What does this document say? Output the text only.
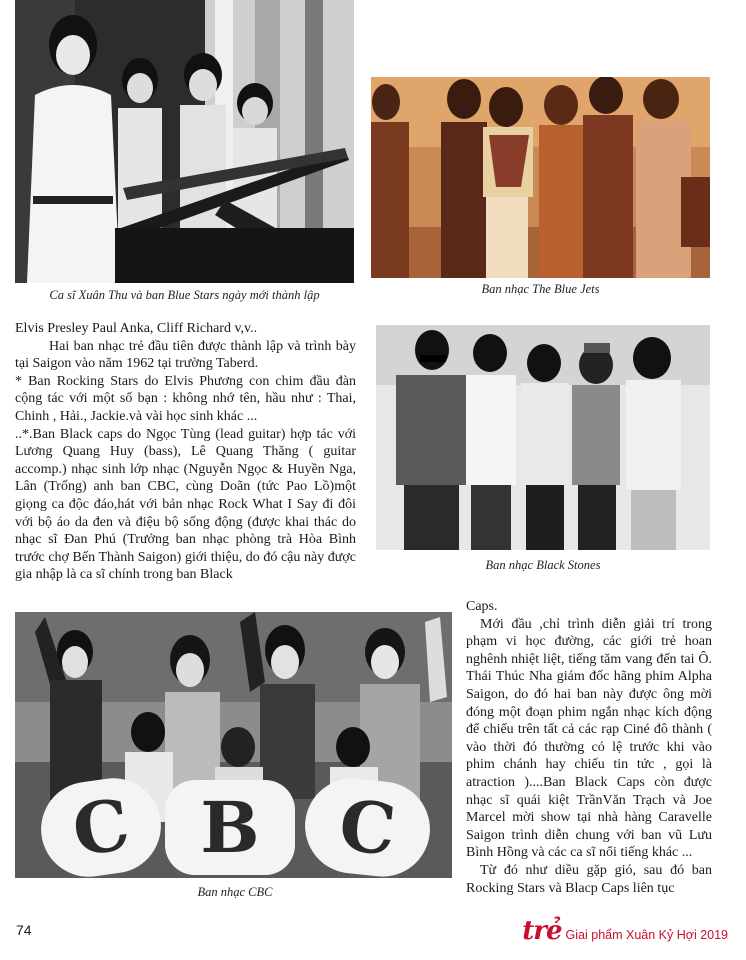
Ca sĩ Xuân Thu và ban Blue Stars ngày mới thành lập	Ban nhạc The Blue Jets
Ban nhạc Black Stones
C B	C
Ban nhạc CBC

Elvis Presley Paul Anka, Cliff Richard v,v..

Hai ban nhạc trẻ đầu tiên được thành lập và trình bày tại Saigon vào năm 1962 tại trường Taberd.

* Ban Rocking Stars do Elvis Phương con chim đầu đàn cộng tác với một số bạn : không nhớ tên, hầu như : Thai, Chinh , Hải., Jackie.và vài học sinh khác ...

..*.Ban Black caps do Ngọc Tùng (lead guitar) hợp tác với Lương Quang Huy (bass), Lê Quang Thăng ( guitar accomp.) nhạc sinh lớp nhạc (Nguyễn Ngọc & Huyền Nga, Lân (Trống) anh ban CBC, cùng Doãn (tức Pao Lồ)một giọng ca độc đáo,hát với bản nhạc Rock What I Say đi đôi với bộ áo da đen và điệu bộ sống động (được khai thác do nhạc sĩ Đan Phú (Trưởng ban nhạc phòng trà Hòa Bình trước chợ Bến Thành Saigon) giới thiệu, do đó cậu này được gia nhập là ca sĩ chính trong ban Black

Caps.

Mới đầu ,chỉ trình diễn giải trí trong phạm vi học đường, các giới trẻ hoan nghênh nhiệt liệt, tiếng tăm vang đến tai Ô. Thái Thúc Nha giám đốc hãng phim Alpha Saigon, do đó hai ban này được ông mời đóng một đoạn phim ngắn nhạc kích động để chiếu trên tất cả các rạp Ciné đô thành ( vào thời đó thường có lệ trước khi vào phim chánh hay chiếu tin tức , gọi là atraction )....Ban Black Caps còn được nhạc sĩ quái kiệt TrầnVăn Trạch và Joe Marcel mời show tại nhà hàng Caravelle Saigon trình diễn chung với ban vũ Lưu Bình Hồng và các ca sĩ nổi tiếng khác ...

Từ đó như diều gặp gió, sau đó ban Rocking Stars và Blacp Caps liên tục

74	trẻ Giai phẩm Xuân Kỷ Hợi 2019
